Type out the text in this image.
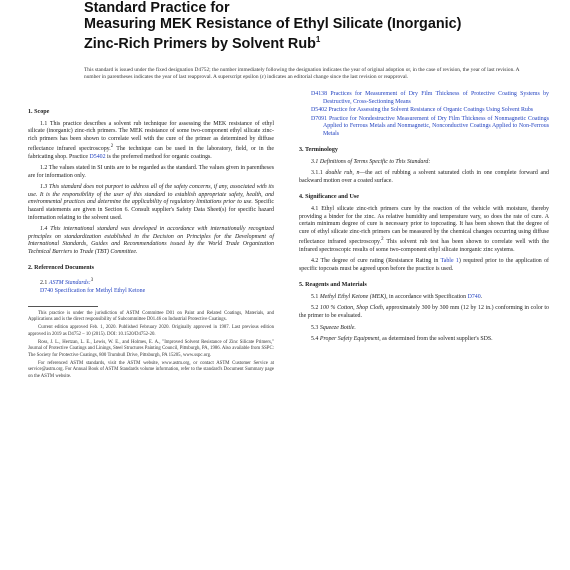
Standard Practice for
Measuring MEK Resistance of Ethyl Silicate (Inorganic)
Zinc-Rich Primers by Solvent Rub$^1$
This standard is issued under the fixed designation D4752; the number immediately following the designation indicates the year of original adoption or, in the case of revision, the year of last revision. A number in parentheses indicates the year of last reapproval. A superscript epsilon (ε) indicates an editorial change since the last revision or reapproval.
1. Scope
1.1 This practice describes a solvent rub technique for assessing the MEK resistance of ethyl silicate (inorganic) zinc-rich primers. The MEK resistance of some two-component ethyl silicate zinc-rich primers has been shown to correlate well with the cure of the primer as determined by diffuse reflectance infrared spectroscopy.$^2$ The technique can be used in the laboratory, field, or in the fabricating shop. Practice D5402 is the preferred method for organic coatings.
1.2 The values stated in SI units are to be regarded as the standard. The values given in parentheses are for information only.
1.3 This standard does not purport to address all of the safety concerns, if any, associated with its use. It is the responsibility of the user of this standard to establish appropriate safety, health, and environmental practices and determine the applicability of regulatory limitations prior to use. Specific hazard statements are given in Section 6. Consult supplier's Safety Data Sheet(s) for specific hazard information relating to the solvent used.
1.4 This international standard was developed in accordance with internationally recognized principles on standardization established in the Decision on Principles for the Development of International Standards, Guides and Recommendations issued by the World Trade Organization Technical Barriers to Trade (TBT) Committee.
2. Referenced Documents
2.1 ASTM Standards:$^3$
D740 Specification for Methyl Ethyl Ketone
This practice is under the jurisdiction of ASTM Committee D01 on Paint and Related Coatings, Materials, and Applications and is the direct responsibility of Subcommittee D01.46 on Industrial Protective Coatings.
Current edition approved Feb. 1, 2020. Published February 2020. Originally approved in 1987. Last previous edition approved in 2019 as D4752 – 10 (2015). DOI: 10.1520/D4752-20.
Ross, J. L., Hertzan, L. E., Lewis, W. E., and Holmes, E. A., "Improved Solvent Resistance of Zinc Silicate Primers," Journal of Protective Coatings and Linings, Steel Structures Painting Council, Pittsburgh, PA, 1986. Also available from SSPC: The Society for Protective Coatings, 800 Trumbull Drive, Pittsburgh, PA 15205, www.sspc.org.
For referenced ASTM standards, visit the ASTM website, www.astm.org, or contact ASTM Customer Service at service@astm.org. For Annual Book of ASTM Standards volume information, refer to the standard's Document Summary page on the ASTM website.
D4138 Practices for Measurement of Dry Film Thickness of Protective Coating Systems by Destructive, Cross-Sectioning Means
D5402 Practice for Assessing the Solvent Resistance of Organic Coatings Using Solvent Rubs
D7091 Practice for Nondestructive Measurement of Dry Film Thickness of Nonmagnetic Coatings Applied to Ferrous Metals and Nonmagnetic, Nonconductive Coatings Applied to Non-Ferrous Metals
3. Terminology
3.1 Definitions of Terms Specific to This Standard:
3.1.1 double rub, n—the act of rubbing a solvent saturated cloth in one complete forward and backward motion over a coated surface.
4. Significance and Use
4.1 Ethyl silicate zinc-rich primers cure by the reaction of the vehicle with moisture, thereby providing a binder for the zinc. As relative humidity and temperature vary, so does the rate of cure. A certain minimum degree of cure is necessary prior to topcoating. It has been shown that the degree of cure of ethyl silicate zinc-rich primers can be measured by the chemical changes occurring using diffuse reflectance infrared spectroscopy.$^2$ This solvent rub test has been shown to correlate well with the infrared spectroscopic results of some two-component ethyl silicate inorganic zinc systems.
4.2 The degree of cure rating (Resistance Rating in Table 1) required prior to the application of specific topcoats must be agreed upon before the practice is used.
5. Reagents and Materials
5.1 Methyl Ethyl Ketone (MEK), in accordance with Specification D740.
5.2 100 % Cotton, Shop Cloth, approximately 300 by 300 mm (12 by 12 in.) conforming in color to the primer to be evaluated.
5.3 Squeeze Bottle.
5.4 Proper Safety Equipment, as determined from the solvent supplier's SDS.
